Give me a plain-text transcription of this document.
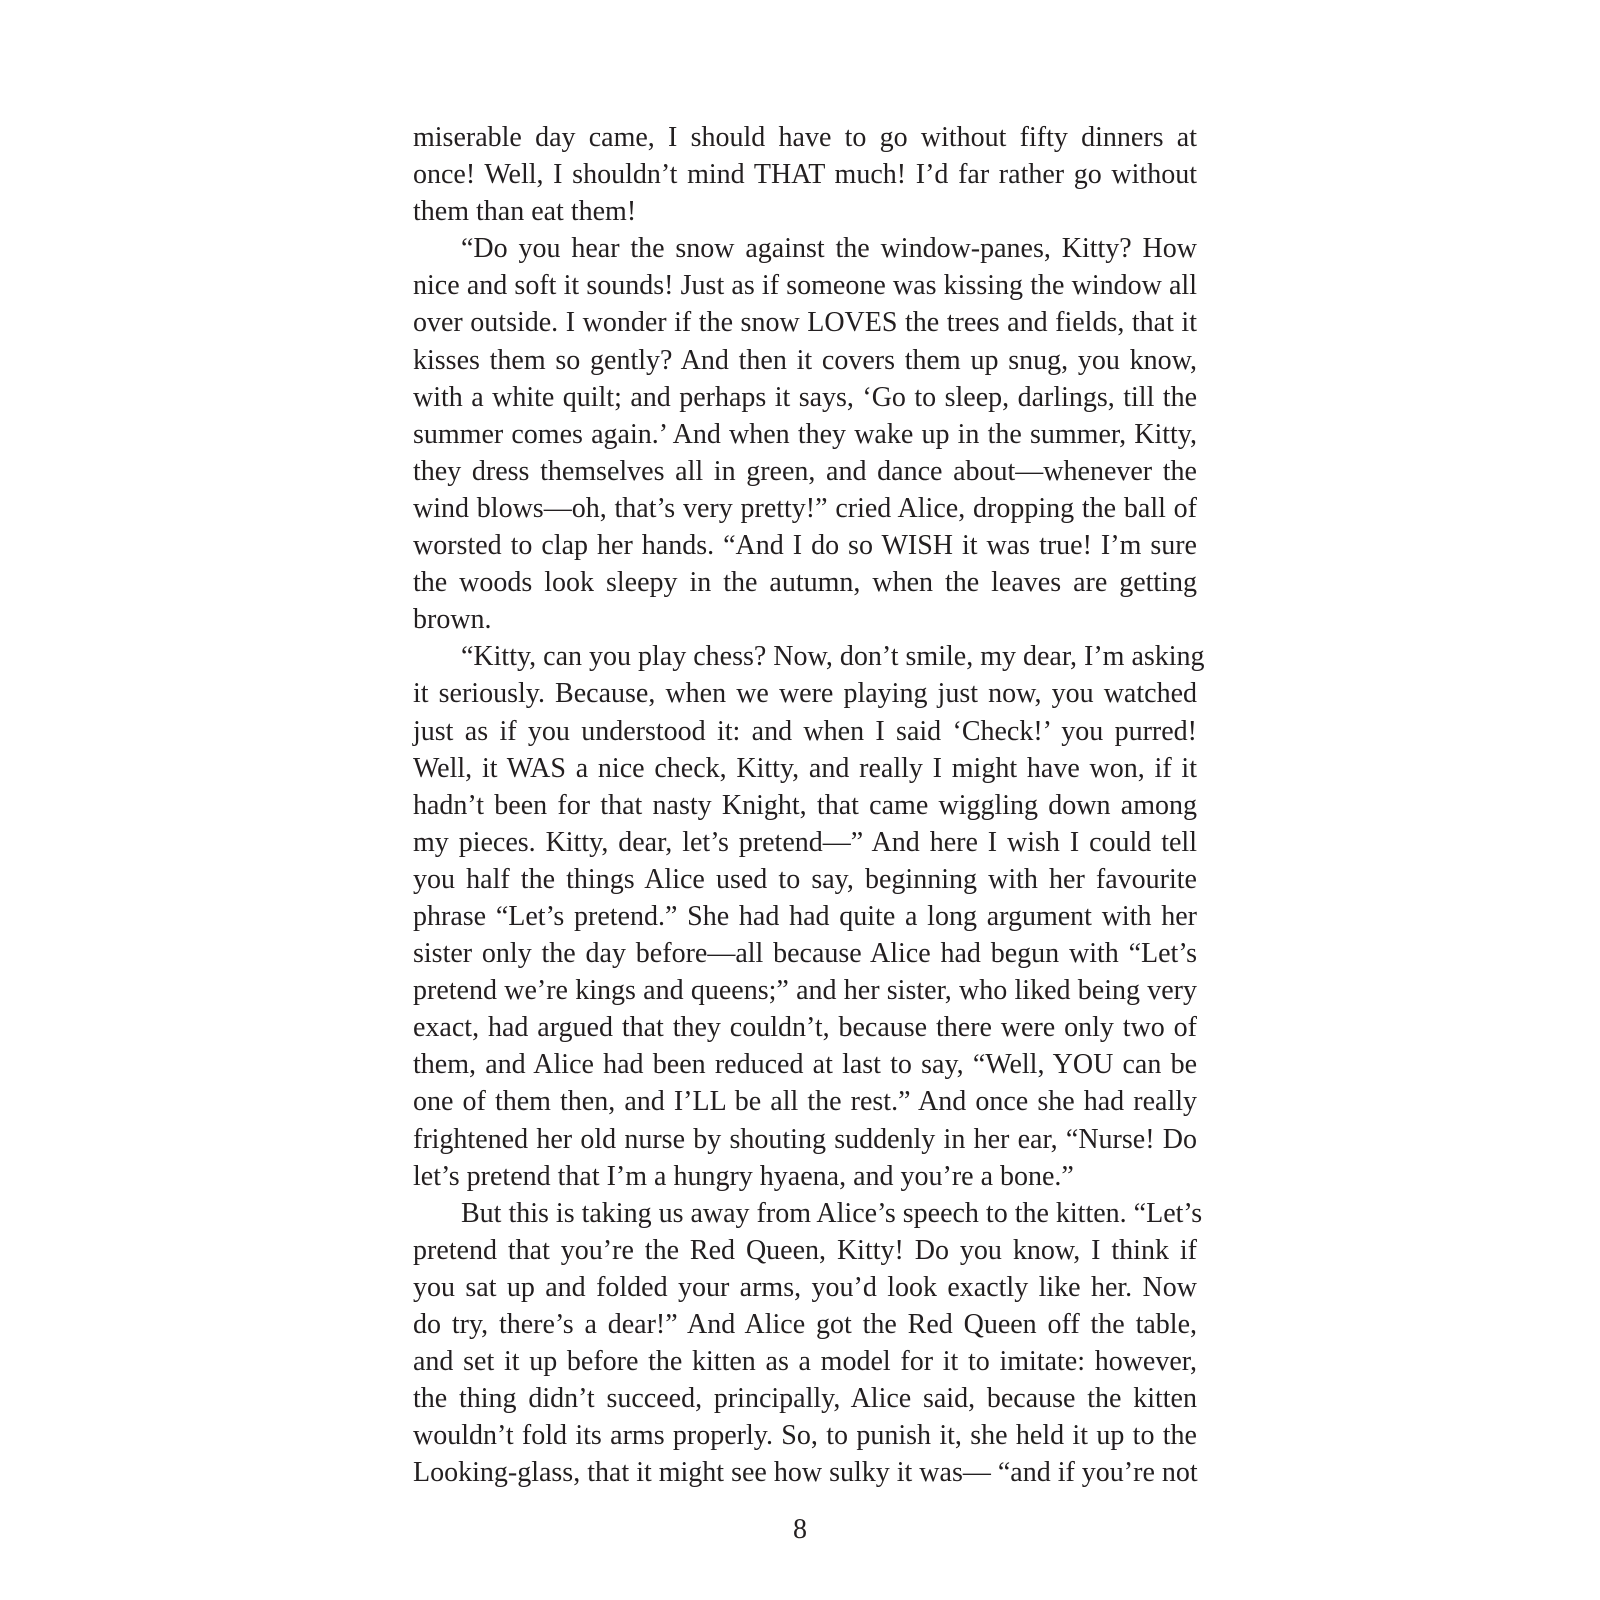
miserable day came, I should have to go without fifty dinners at
once! Well, I shouldn’t mind THAT much! I’d far rather go without
them than eat them!
“Do you hear the snow against the window-panes, Kitty? How
nice and soft it sounds! Just as if someone was kissing the window all
over outside. I wonder if the snow LOVES the trees and fields, that it
kisses them so gently? And then it covers them up snug, you know,
with a white quilt; and perhaps it says, ‘Go to sleep, darlings, till the
summer comes again.’ And when they wake up in the summer, Kitty,
they dress themselves all in green, and dance about—whenever the
wind blows—oh, that’s very pretty!” cried Alice, dropping the ball of
worsted to clap her hands. “And I do so WISH it was true! I’m sure
the woods look sleepy in the autumn, when the leaves are getting
brown.
“Kitty, can you play chess? Now, don’t smile, my dear, I’m asking
it seriously. Because, when we were playing just now, you watched
just as if you understood it: and when I said ‘Check!’ you purred!
Well, it WAS a nice check, Kitty, and really I might have won, if it
hadn’t been for that nasty Knight, that came wiggling down among
my pieces. Kitty, dear, let’s pretend—” And here I wish I could tell
you half the things Alice used to say, beginning with her favourite
phrase “Let’s pretend.” She had had quite a long argument with her
sister only the day before—all because Alice had begun with “Let’s
pretend we’re kings and queens;” and her sister, who liked being very
exact, had argued that they couldn’t, because there were only two of
them, and Alice had been reduced at last to say, “Well, YOU can be
one of them then, and I’LL be all the rest.” And once she had really
frightened her old nurse by shouting suddenly in her ear, “Nurse! Do
let’s pretend that I’m a hungry hyaena, and you’re a bone.”
But this is taking us away from Alice’s speech to the kitten. “Let’s
pretend that you’re the Red Queen, Kitty! Do you know, I think if
you sat up and folded your arms, you’d look exactly like her. Now
do try, there’s a dear!” And Alice got the Red Queen off the table,
and set it up before the kitten as a model for it to imitate: however,
the thing didn’t succeed, principally, Alice said, because the kitten
wouldn’t fold its arms properly. So, to punish it, she held it up to the
Looking-glass, that it might see how sulky it was— “and if you’re not
8
